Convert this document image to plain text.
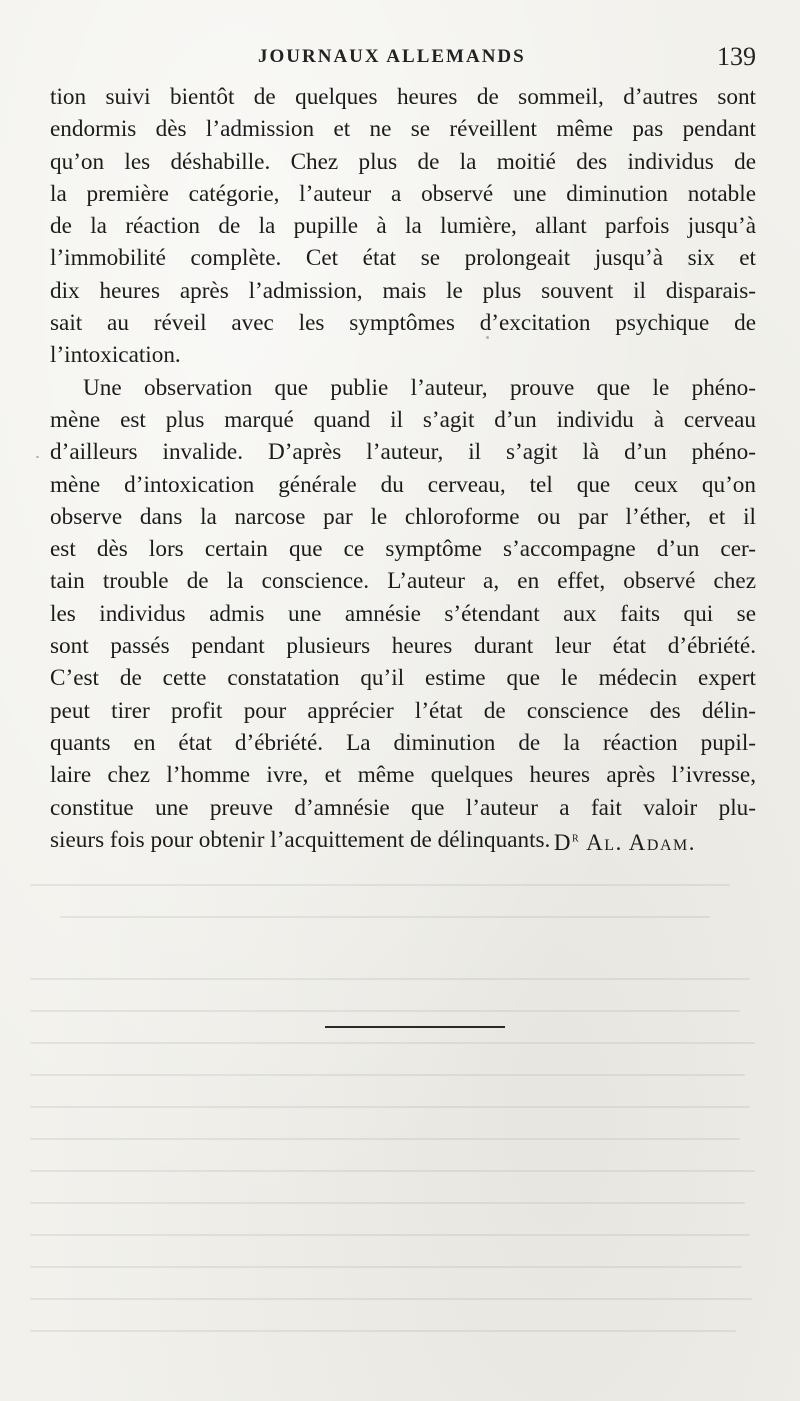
JOURNAUX ALLEMANDS	139
tion suivi bientôt de quelques heures de sommeil, d’autres sont
endormis dès l’admission et ne se réveillent même pas pendant
qu’on les déshabille. Chez plus de la moitié des individus de
la première catégorie, l’auteur a observé une diminution notable
de la réaction de la pupille à la lumière, allant parfois jusqu’à
l’immobilité complète. Cet état se prolongeait jusqu’à six et
dix heures après l’admission, mais le plus souvent il disparais-
sait au réveil avec les symptômes d’excitation psychique de
l’intoxication.
Une observation que publie l’auteur, prouve que le phéno-
mène est plus marqué quand il s’agit d’un individu à cerveau
d’ailleurs invalide. D’après l’auteur, il s’agit là d’un phéno-
mène d’intoxication générale du cerveau, tel que ceux qu’on
observe dans la narcose par le chloroforme ou par l’éther, et il
est dès lors certain que ce symptôme s’accompagne d’un cer-
tain trouble de la conscience. L’auteur a, en effet, observé chez
les individus admis une amnésie s’étendant aux faits qui se
sont passés pendant plusieurs heures durant leur état d’ébriété.
C’est de cette constatation qu’il estime que le médecin expert
peut tirer profit pour apprécier l’état de conscience des délin-
quants en état d’ébriété. La diminution de la réaction pupil-
laire chez l’homme ivre, et même quelques heures après l’ivresse,
constitue une preuve d’amnésie que l’auteur a fait valoir plu-
sieurs fois pour obtenir l’acquittement de délinquants. $D^r$ Al. Adam.
